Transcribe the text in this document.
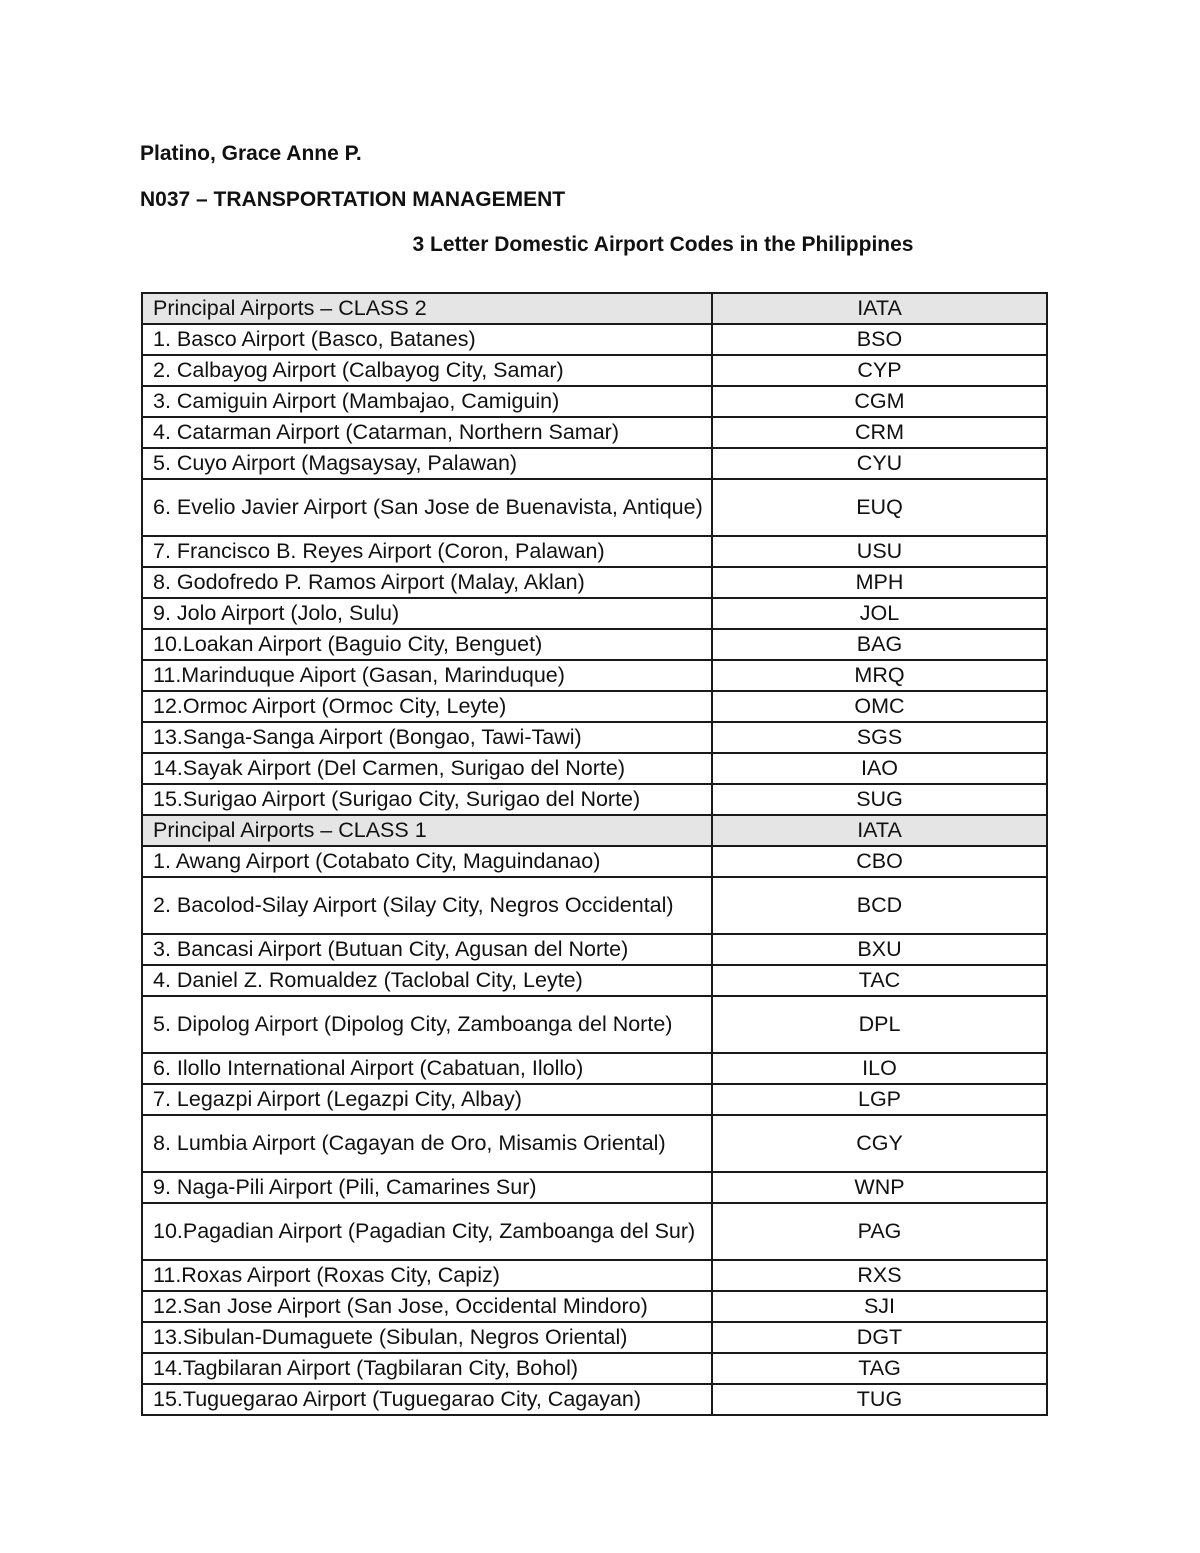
Platino, Grace Anne P.

N037 – TRANSPORTATION MANAGEMENT

3 Letter Domestic Airport Codes in the Philippines

Principal Airports – CLASS 2	IATA
1. Basco Airport (Basco, Batanes)	BSO
2. Calbayog Airport (Calbayog City, Samar)	CYP
3. Camiguin Airport (Mambajao, Camiguin)	CGM
4. Catarman Airport (Catarman, Northern Samar)	CRM
5. Cuyo Airport (Magsaysay, Palawan)	CYU
6. Evelio Javier Airport (San Jose de Buenavista, Antique)	EUQ
7. Francisco B. Reyes Airport (Coron, Palawan)	USU
8. Godofredo P. Ramos Airport (Malay, Aklan)	MPH
9. Jolo Airport (Jolo, Sulu)	JOL
10.Loakan Airport (Baguio City, Benguet)	BAG
11.Marinduque Aiport (Gasan, Marinduque)	MRQ
12.Ormoc Airport (Ormoc City, Leyte)	OMC
13.Sanga-Sanga Airport (Bongao, Tawi-Tawi)	SGS
14.Sayak Airport (Del Carmen, Surigao del Norte)	IAO
15.Surigao Airport (Surigao City, Surigao del Norte)	SUG
Principal Airports – CLASS 1	IATA
1. Awang Airport (Cotabato City, Maguindanao)	CBO
2. Bacolod-Silay Airport (Silay City, Negros Occidental)	BCD
3. Bancasi Airport (Butuan City, Agusan del Norte)	BXU
4. Daniel Z. Romualdez (Taclobal City, Leyte)	TAC
5. Dipolog Airport (Dipolog City, Zamboanga del Norte)	DPL
6. Ilollo International Airport (Cabatuan, Ilollo)	ILO
7. Legazpi Airport (Legazpi City, Albay)	LGP
8. Lumbia Airport (Cagayan de Oro, Misamis Oriental)	CGY
9. Naga-Pili Airport (Pili, Camarines Sur)	WNP
10.Pagadian Airport (Pagadian City, Zamboanga del Sur)	PAG
11.Roxas Airport (Roxas City, Capiz)	RXS
12.San Jose Airport (San Jose, Occidental Mindoro)	SJI
13.Sibulan-Dumaguete (Sibulan, Negros Oriental)	DGT
14.Tagbilaran Airport (Tagbilaran City, Bohol)	TAG
15.Tuguegarao Airport (Tuguegarao City, Cagayan)	TUG
